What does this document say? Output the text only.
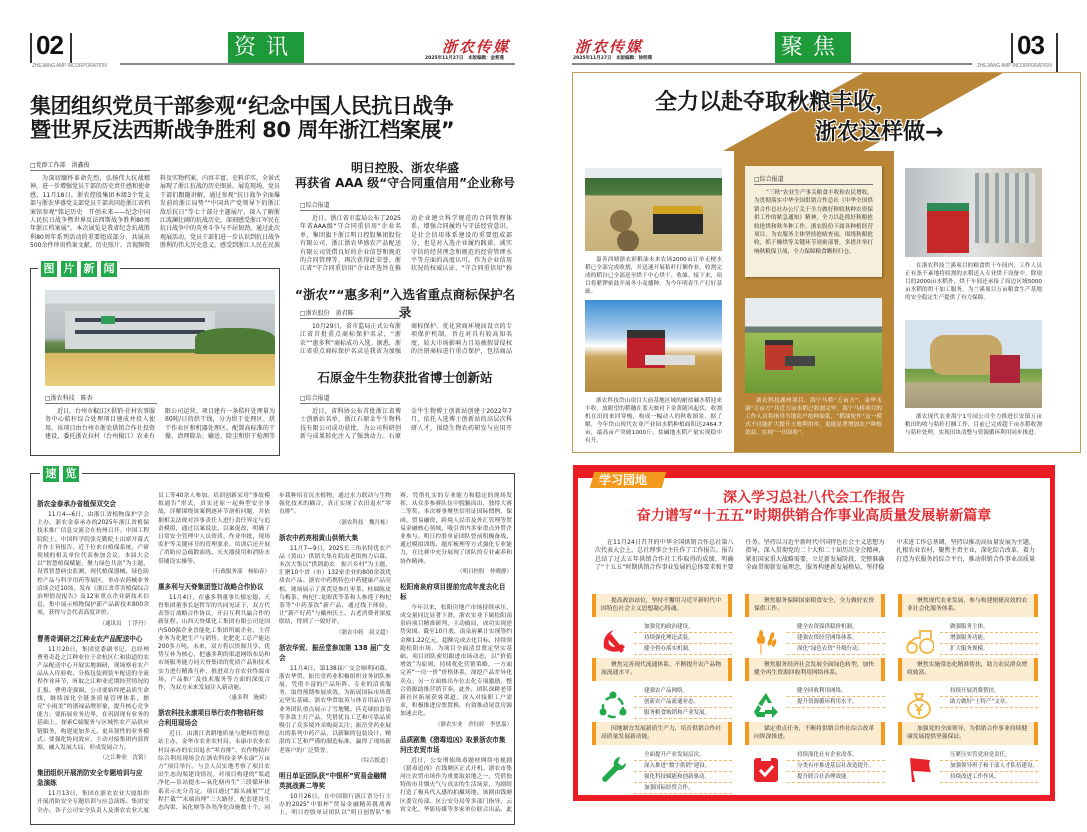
02
ZHEJIANG AMP INCORPORATION
资讯	浙农传媒
2025年11月27日　本版编辑：金莉燕
集团组织党员干部参观“纪念中国人民抗日战争
暨世界反法西斯战争胜利 80 周年浙江档案展”
□党群工作部　洪鑫俊
为深切缅怀革命先烈，弘扬伟大抗战精神，进一步增强党员干部的历史责任感和使命感，11月18日，浙农控股集团本级3个党支部与浙农华盛党支部党员干部共同赴浙江省档案馆参观“铭记历史　开创未来——纪念中国人民抗日战争暨世界反法西斯战争胜利80周年浙江档案展”。本次展览是我省纪念抗战胜利80周年系列活动的重要组成部分，共展出500余件珍贵档案文献、历史照片、音视频资料及实物档案，内容丰富、史料详实，全景式展现了浙江抗战的历史图景。展览现场，党员干部们跟随讲解，通过参观“抗日战争全面爆发前的浙江局势”“中国共产党领导下的浙江敌后抗日”等七十部分主题展厅，深入了解浙江波澜壮阔的抗战历史，深刻感受浙江军民在抗日战争中的英勇斗争与不屈韧劲。通过此次观展活动，党员干部们进一步认识到抗日战争胜利的伟大历史意义，感受到浙江人民在民族
明日控股、浙农华盛
再获省 AAA 级“守合同重信用”企业称号
□综合报道
近日，浙江省市监局公布了2025年省AAA级“守合同重信用”企业名单，集团旗下浙江明日控股集团股份有限公司、浙江浙农华盛农产品配送有限公司凭借良好的企业信誉和规范的合同管理等，再次获得此荣誉。浙江省“守合同重信用”企业评选旨在推动企业建立科学规范的合同管理体系，增强合同履约与守法经营意识，是社会信用体系建设的重要组成部分，也是对入选企业履约践诺、诚实守信的经营理念和规范的经营管理水平等方面的高度认可。作为企业信用状况的权威认证，“守合同重信用”称
“浙农”“惠多利”入选省重点商标保护名录
□浙农股份　黄君陈
10月29日，省市监局正式公布浙江省首批重点商标保护名录，“浙农”“惠多利”商标成功入选。据悉，浙江省重点商标保护名录是我省为加强商标保护、优化营商环境而设立的专项保护机制，旨在对具有较高知名度、较大市场影响力且易被假冒侵权的注册商标进行重点保护，包括商品
石原金牛生物获批省博士创新站
□综合报道
近日，省科协公布首批浙江省博士创新站名单，浙江石原金牛生物科技有限公司成功获批，为公司科研创新与成果转化注入了强劲动力。石原金牛生物博士创新站创建于2022年7月，依托入选博士创新站的高层次科研人才，围绕生物农药研发与应用开
图 片 新 闻
□浙农科技　陈杏
近日，台州市椒江区供销·社村农事服务中心秸秆综合处理项目建成并投入使用。该项目由台州市浙农供销合作社投资建设，委托浙农拉村（台州椒江）农业有限公司运营。项目建有一条秸秆处理量为80吨/日的烘干线，分为烘干处理区、烘干作业区和机器处理区，配置高标准的干燥、清理除杂、输送、除尘和烘干检测等
速 览
浙农金泰承办省植保双交会

11月4—6日，由浙江省植物保护学会主办，浙农金泰承办的2025年浙江省植保技术推广信息交流会在杭州召开。中国工程院院士、中国科学院张克勤院士出席开幕式并作主旨报告，近千位来自植保系统、产研领域的相关单位代表参加会议。本届大会以“智慧植保赋能，聚力绿色共富”为主题，设置智慧病虫监测、现代植保器械、绿色防控产品与科学用药等展区，举办农药械业务洽谈会近10场，发布《浙江省草害植保综合治理情况报告》及12家重点企业新技术信息，集中展示植物保护新产品新技术800余项，获得与会代表高度评价。

（通讯员　丁浮丹）
曹勇奇调研之江种业农产品配送中心

11月20日，集团党委副书记、总经理曹勇奇赴之江种业位于余杭区仁和街道的农产品配送中心开展实地调研，现场察看农产品从入库验收、分拣包装到装车配送的全流程作业环节，听取之江种业近期经营情况的汇报。曹勇奇强调，公司要始终把品质生命线，继续深化全链条质量管理体系，擦亮“小雨美”的浙禄品牌形象，提升核心竞争能力；要拓展业务边界，在巩固现有业务的基础上，探索C端服务与区域性农产品供应链服务，构建更加多元、更具韧性的业务模式；要强化协同效应，主动对接集团内部资源，融入发展大局，形成发展合力。

（之江种业　沈铭）
集团组织开展消防安全专题培训与应急演练

11月13日，集团在浙农农业大厦组织开展消防安全专题培训与应急演练。集团安全办、各子公司安全负责人及浙农农业大厦员工等40余人参加。培训创新采用“事故模拟通告”形式，真实还原一起典型安全事故，详解围绕该案例逐环节剖析问题，并依据相关法规对涉事责任人进行责任界定与追责模拟，通过以案说法、以案促改，明确了日常安全管理中人员资质、作业审批、现场监护等关键环节的管理要求。培训后还开展了消防应急疏散演练、灭火器使用和消防水带铺设实操等。

（行政服务部　杨仙春）
惠多利与天脊集团签订战略合作协议

11月4日，在惠多利董事长郁宏德、天脊集团董事长赵哲军的共同见证下，双方代表签订战略合作协议，开启互利共赢合作的新征程。山西天脊煤化工集团有限公司是国内500强企业晋能化工集团所属企业，主营业务为化肥生产与销售，化肥化工总产能达200多万吨。未来，双方将以资源共享、优势互补为核心，把惠多利的渠道网络布局和市场服务能力同天脊集团的优质产品和技术实力进行精准互补，推进双方在农业终端市场、产品推广及技术服务等方面的深度合作，为双方未来发展注入新动能。

（惠多利　施斌）
浙农科技永康项目举行农作物秸秆综合利用现场会

近日，由浙江省耕地质量与肥料管理总站主办，金华市农业农村局、永康市农业农村局承办的农田退水“零直排”、农作物秸秆综合利用现场会在浙农科技金华永康“万亩方”项目举行。与会人员实地考察了项目农田生态沟渠建设情况，对项目构建的“渠道净化—泵站提水—氧化塘再生”三段循环体系表示充分肯定。项目通过“源头减量”“过程拦截”“末端治理”三大路径，配套建设生态沟渠、氧化塘等各类净化设施数十个，同步栽种培育沉水植物，通过水力联动与生物强化技术的耦合，真正实现了农田退水“零直排”。

（浙农科技　魏月栋）
浙农中药亮相黄山供销大集

11月7—9日，2025长三角名特优农产品（黄山）供销大集在皖南老街热力启幕。本次大集以“供销助农　振兴乡村”为主题，汇聚10个省（市）132家企业的800余款优质农产品。浙农中药携特色中药健康产品亮相，现场展示了黄芪党参红枣茶、桂圆陈皮乌梅茶、枸杞仁龙眼茯苓茶和人参莲子枸杞茶等“中药茶饮”新产品，通过线下体验，让“新产好药”与徽州沃土、古老消费者深度联结，得到了一致好评。

（浙农中药　叔文超）
浙农华贸、振岳堂参加第 138 届广交会

11月4日，第138届广交会顺利闭幕。浙农华贸、振岳堂药业积极组织业务团队参展，凭借丰富的产品矩阵、专业的洽谈服务，取得预期参展成效，为拓展国际市场奠定坚实基础。浙农华贸取英与体育用品自营业务团队重点展示了雪地靴、匹克球拍套装等多款主打产品，凭借优良工艺和可靠品质吸引了众多境外采购商关注；振岳堂药业展出的系列中药产品，以新颖的包装设计、精湛的工艺和严谨的制造标准，赢得了现场新老客户的广泛赞誉。

（综合报道）
明日单证团队获“中银杯”贸易金融精英挑战赛二等奖

10月26日，在中国银行浙江省分行主办的2025“中银杯”贸易金融精英挑战赛上，明日控股单证团队以“明日创智队”参赛，凭借扎实的专业能力和稳定的现场发挥，从众多参赛队伍中脱颖而出，独得大赛二等奖。本次赛事聚焦信用证国际惯例、保函、贸易融资、跨境人民币及外汇管理等贸易金融核心领域，吸引省内多家重点外贸企业参与。明日控股单证团队曾前积极备战，通过模拟训练、题库梳理等方式强化专业能力，在比赛中充分展现了团队的专业素养和协作精神。

（明日控股　仲晓静）
松阳南泉府项目提前完成年度去化目标

今年以来，松阳房地产市场持续承压，成交量同比显著下滑。浙农实业下属松阳南泉府项目精准研判，主动破局，成功实现逆势突围。截至10月底，南泉府累计实现签约金额1.22亿元，超额完成去化目标，持续领跑松阳市场，为项目全面清盘奠定坚实基础。项目团队密切跟进市场动态，以“价值增效”为原则，持续优化营销策略，一方面完善“一房一价”价格体系，深挖产品差异化卖点；另一方面推出车位去化专项激励，整合资源助推营销节奏。此外，团队深耕老带新社区拓展获客渠道，深入对接职工户需求，积极推进房票置换，有效推动尾盘房源加速去化。

（浙农实业　舍钰婷　李思嘉）
品质剧集《猎毒追凶》取景浙农市集河庄农贸市场

近日，公安刑侦缉毒题材网络电视剧《猎毒追凶》在钱塘区正式开机。浙农市集河庄农贸市场作为重要取景地之一，凭借独特的市井烟火气与真实的生活场景，为剧组打造了极具代入感的拍摄场地。该剧由钱塘区委宣传部、区公安分局等多部门指导，云霄文化、华影传媒等多家单位联合出品。此

浙农传媒
2025年11月27日　本版编辑：徐明璞	聚焦	03
ZHEJIANG AMP INCORPORATION
全力以赴夺取秋粮丰收，
浙农这样做→
嘉善西塘浙农彩粮油未来农场2000亩订单无梗水稻已全部完成收割，并迅速开展秸秆打捆作业。收割完成的稻谷已全部送至烘干中心烘干、收储。接下来，项目将紧锣密鼓开展冬小麦播种，为今年明春生产打好基础。
浙农科技岱山项目大前基地区域的耐盐碱水稻迎来丰收，放眼望的稻穗在蓝天映衬下金黄随风起伏，收割机在田间来回穿梭，构成一幅动人的秋收图景。据了解，今年岱山现代农业产业园水稻种植面积达2464.7亩，最高亩产突破1000斤，盐碱地水稻产量实现稳中有升。
□综合报道
“三秋”农业生产事关粮食丰收和农民增收。为贯彻落实中华全国供销合作总社《中华全国供销合作总社办公厅关于全力做好秋收秋种农资保供工作的紧急通知》精神，全力以赴抓好秋粮抢收抢烘和秋冬种工作，浙农股份下属各种植经营项目，为农服务主体坚持抢晴查雨，围绕秋粮抢收，抓干燥烘等关键环节周密部署，多措并举打响秋粮保卫战，全力保障粮食颗粒归仓。
浙农科技湖州项目、海宁马桥“万亩方”、金华永康“万亩方”共近万亩水稻已收割完毕。海宁马桥项目的工作人员将指导当地农户抢种油菜，“稻油轮作”这一模式不仅能扩大提升土地利用率，更能显著增加农户种植效益，实现“一田双收”。
在浙农科技兰溪项目的粮食烘干车间内，工作人员正有条不紊地将收割的水稻送入专业烘干设备中。除项目的2000亩水稻外，烘干车间还承接了周边区域5000亩水稻的烘干加工服务，为兰溪项目万亩粮食生产基地的安全稳定生产提供了有力保障。
浙农现代农业海宁1号园公司全力推进长安镇万亩粮田的收与秸秆打捆工作，目前已完成超千亩水稻收割与秸秆处理，实现田块清整与资源循环利用同步推进。
学习园地
深入学习总社八代会工作报告
奋力谱写“十五五”时期供销合作事业高质量发展崭新篇章
在11月24日召开的中华全国供销合作总社第八次代表大会上，总社理事会主任作了工作报告。报告总结了过去五年供销合作社工作取得的成绩，明确了“十五五”时期供销合作事业发展的总体要求和主要任务。坚持以习近平新时代中国特色社会主义思想为指导，深入贯彻党的二十大和二十届历次全会精神，紧扣国家重大战略需要，立足新发展阶段，完整准确全面贯彻新发展理念，服务构建新发展格局，坚持稳中求进工作总基调，坚持以推动高质量发展为主题，扎根农业农村，聚焦主责主业，深化综合改革，着力打造为农服务的综合平台，推动供销合作事业高质量
提高政治站位，坚持不懈用习近平新时代中国特色社会主义思想凝心铸魂。
加强党的政治建设。
持续强化理论武装。
健全督办落实机制。
聚焦服务保障国家粮食安全，全力做好农资保供工作。
健全农资保供稳价机制。
建强农资经营网络体系。
深化“绿色农资”升级行动。
聚焦现代农业发展，参与构建便捷高效的农业社会化服务体系。
做强服务主体。
增强服务功能。
扩大服务规模。
聚焦完善现代流通体系，不断提升农产品物流流通水平。
建强农产品网络。
创新农产品流通业态。
服务粮食购销和产业发展。
聚焦服务经济社会发展全面绿色转型，加快健全再生资源回收利用网络体系。
健全回收利用网络。
提升资源循环利用水平。
聚焦实施常态化精准帮扶，助力农民群众增收致富。
持续开展消费帮扶。
助力做好“土特产”文章。
因地制宜发展新质生产力，培育供销合作社高质量发展新动能。
全面提升产业发展层次。
深入推进“数字供销”建设。
强化科技赋能和创新驱动。
加强国际经贸合作。
锚定重点任务，不断将供销合作社综合改革向纵深推进。
持续深化社有企业改革。
分类有序推进基层社改造提升。
提升联合社治理效能。
加强党的全面领导，为供销合作事业持续健康发展提供坚强保证。
压紧压实管党治党责任。
加强领导班子和干部人才队伍建设。
持续改进工作作风。
